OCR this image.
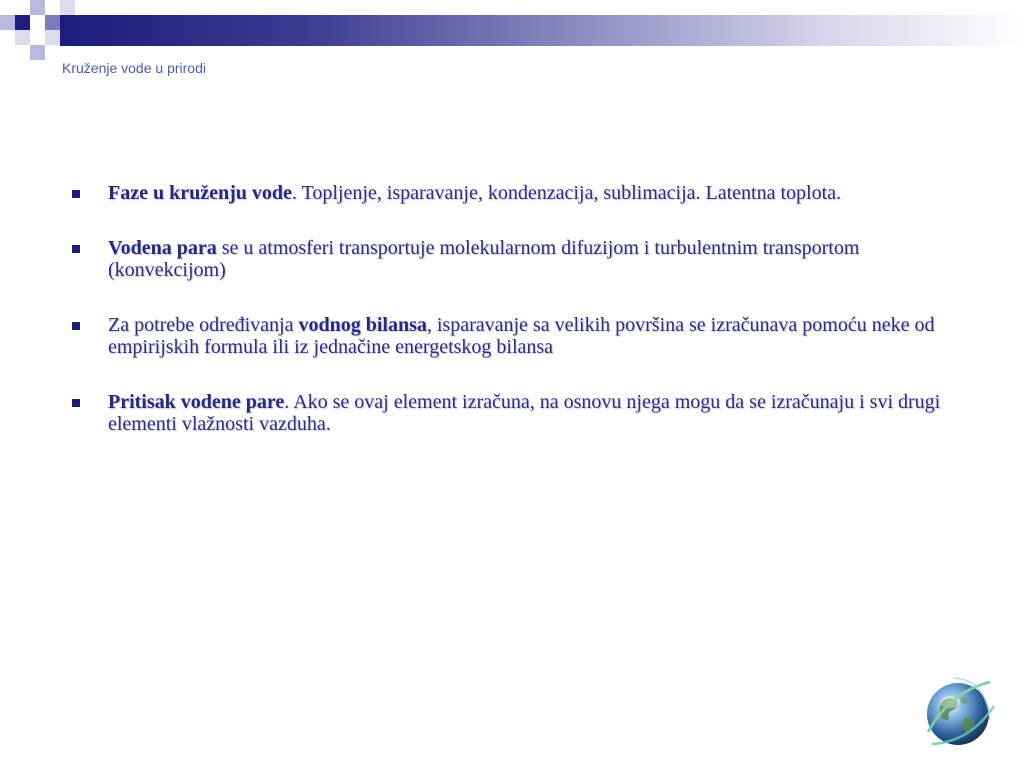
Kruženje vode u prirodi
Faze u kruženju vode. Topljenje, isparavanje, kondenzacija, sublimacija. Latentna toplota.
Vodena para se u atmosferi transportuje molekularnom difuzijom i turbulentnim transportom (konvekcijom)
Za potrebe određivanja vodnog bilansa, isparavanje sa velikih površina se izračunava pomoću neke od empirijskih formula ili iz jednačine energetskog bilansa
Pritisak vodene pare. Ako se ovaj element izračuna, na osnovu njega mogu da se izračunaju i svi drugi elementi vlažnosti vazduha.
